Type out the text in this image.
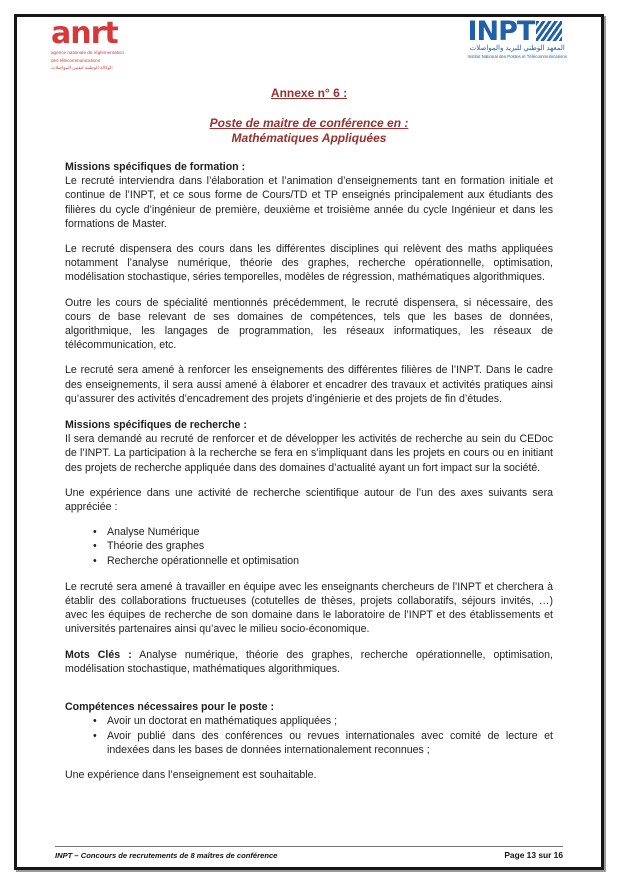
anrt
agence nationale de réglementation
des télécommunications
الوكالة الوطنية لتقنين المواصلات
INPT
المعهد الوطني للبريد والمواصلات
Institut National des Postes et Télécommunications

Annexe n° 6 :

Poste de maitre de conférence en :

Mathématiques Appliquées

Missions spécifiques de formation :

Le recruté interviendra dans l’élaboration et l’animation d’enseignements tant en formation initiale et continue de l’INPT, et ce sous forme de Cours/TD et TP enseignés principalement aux étudiants des filières du cycle d’ingénieur de première, deuxième et troisième année du cycle Ingénieur et dans les formations de Master.

Le recruté dispensera des cours dans les différentes disciplines qui relèvent des maths appliquées notamment l’analyse numérique, théorie des graphes, recherche opérationnelle, optimisation, modélisation stochastique, séries temporelles, modèles de régression, mathématiques algorithmiques.

Outre les cours de spécialité mentionnés précédemment, le recruté dispensera, si nécessaire, des cours de base relevant de ses domaines de compétences, tels que les bases de données, algorithmique, les langages de programmation, les réseaux informatiques, les réseaux de télécommunication, etc.

Le recruté sera amené à renforcer les enseignements des différentes filières de l’INPT. Dans le cadre des enseignements, il sera aussi amené à élaborer et encadrer des travaux et activités pratiques ainsi qu’assurer des activités d’encadrement des projets d’ingénierie et des projets de fin d’études.

Missions spécifiques de recherche :

Il sera demandé au recruté de renforcer et de développer les activités de recherche au sein du CEDoc de l’INPT. La participation à la recherche se fera en s’impliquant dans les projets en cours ou en initiant des projets de recherche appliquée dans des domaines d’actualité ayant un fort impact sur la société.

Une expérience dans une activité de recherche scientifique autour de l’un des axes suivants sera appréciée :

• Analyse Numérique
• Théorie des graphes
• Recherche opérationnelle et optimisation

Le recruté sera amené à travailler en équipe avec les enseignants chercheurs de l’INPT et cherchera à établir des collaborations fructueuses (cotutelles de thèses, projets collaboratifs, séjours invités, …) avec les équipes de recherche de son domaine dans le laboratoire de l’INPT et des établissements et universités partenaires ainsi qu’avec le milieu socio-économique.

Mots Clés : Analyse numérique, théorie des graphes, recherche opérationnelle, optimisation, modélisation stochastique, mathématiques algorithmiques.

Compétences nécessaires pour le poste :
• Avoir un doctorat en mathématiques appliquées ;
• Avoir publié dans des conférences ou revues internationales avec comité de lecture et indexées dans les bases de données internationalement reconnues ;

Une expérience dans l’enseignement est souhaitable.

INPT – Concours de recrutements de 8 maîtres de conférence	Page 13 sur 16
